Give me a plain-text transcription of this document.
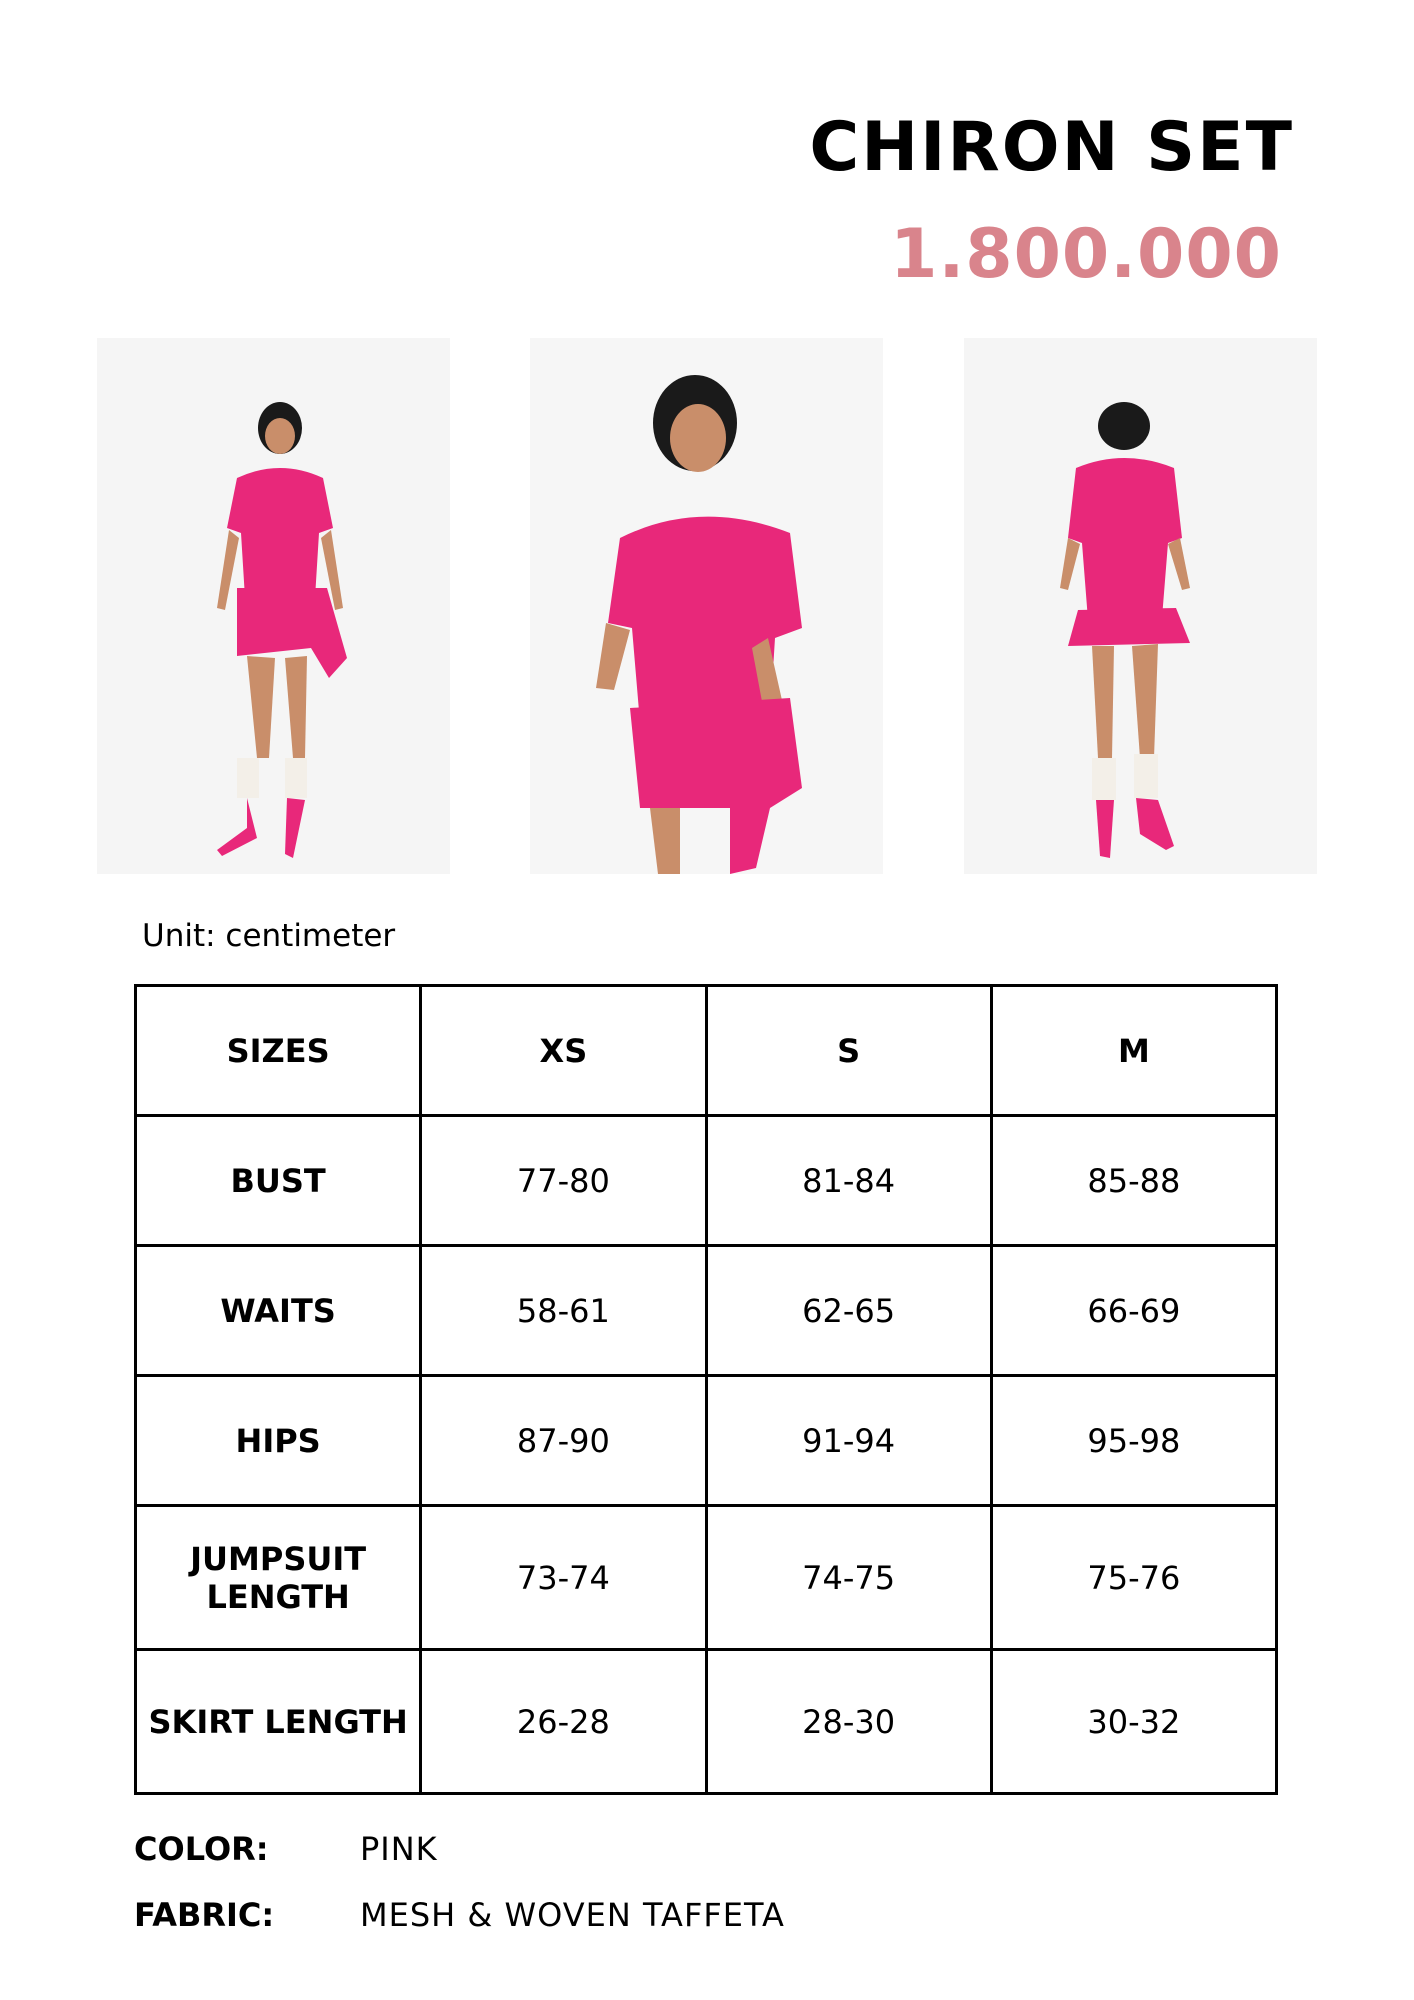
CHIRON SET
1.800.000
Unit: centimeter
SIZES	XS	S	M
BUST	77-80	81-84	85-88
WAITS	58-61	62-65	66-69
HIPS	87-90	91-94	95-98
JUMPSUIT LENGTH	73-74	74-75	75-76
SKIRT LENGTH	26-28	28-30	30-32
COLOR:	PINK
FABRIC:	MESH & WOVEN TAFFETA
